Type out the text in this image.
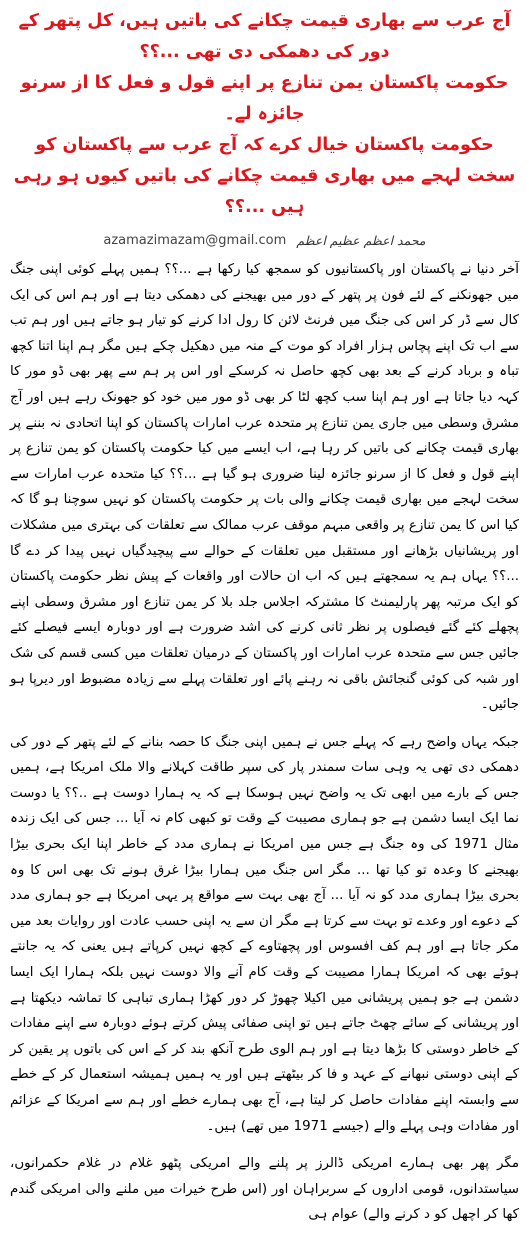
آج عرب سے بھاری قیمت چکانے کی باتیں ہیں، کل پتھر کے دور کی دھمکی دی تھی ...؟؟
حکومت پاکستان یمن تنازع پر اپنے قول و فعل کا از سرنو جائزہ لے۔
حکومت پاکستان خیال کرے کہ آج عرب سے پاکستان کو سخت لہجے میں بھاری قیمت چکانے کی باتیں کیوں ہو رہی ہیں ...؟؟
محمد اعظم عظیم اعظم
azamazimazam@gmail.com

آخر دنیا نے پاکستان اور پاکستانیوں کو سمجھ کیا رکھا ہے ...؟؟ ہمیں پہلے کوئی اپنی جنگ میں جھونکنے کے لئے فون پر پتھر کے دور میں بھیجنے کی دھمکی دیتا ہے اور ہم اس کی ایک کال سے ڈر کر اس کی جنگ میں فرنٹ لائن کا رول ادا کرنے کو تیار ہو جاتے ہیں اور ہم تب سے اب تک اپنے پچاس ہزار افراد کو موت کے منہ میں دھکیل چکے ہیں مگر ہم اپنا اتنا کچھ تباہ و برباد کرنے کے بعد بھی کچھ حاصل نہ کرسکے اور اس پر ہم سے پھر بھی ڈو مور کا کہہ دیا جاتا ہے اور ہم اپنا سب کچھ لٹا کر بھی ڈو مور میں خود کو جھونک رہے ہیں اور آج مشرق وسطی میں جاری یمن تنازع پر متحدہ عرب امارات پاکستان کو اپنا اتحادی نہ بننے پر بھاری قیمت چکانے کی باتیں کر رہا ہے، اب ایسے میں کیا حکومت پاکستان کو یمن تنازع پر اپنے قول و فعل کا از سرنو جائزہ لینا ضروری ہو گیا ہے ...؟؟ کیا متحدہ عرب امارات سے سخت لہجے میں بھاری قیمت چکانے والی بات پر حکومت پاکستان کو نہیں سوچنا ہو گا کہ کیا اس کا یمن تنازع پر واقعی مبہم موقف عرب ممالک سے تعلقات کی بہتری میں مشکلات اور پریشانیاں بڑھانے اور مستقبل میں تعلقات کے حوالے سے پیچیدگیاں نہیں پیدا کر دے گا ...؟؟ یہاں ہم یہ سمجھتے ہیں کہ اب ان حالات اور واقعات کے پیش نظر حکومت پاکستان کو ایک مرتبہ پھر پارلیمنٹ کا مشترکہ اجلاس جلد بلا کر یمن تنازع اور مشرق وسطی اپنے پچھلے کئے گئے فیصلوں پر نظر ثانی کرنے کی اشد ضرورت ہے اور دوبارہ ایسے فیصلے کئے جائیں جس سے متحدہ عرب امارات اور پاکستان کے درمیان تعلقات میں کسی قسم کی شک اور شبہ کی کوئی گنجائش باقی نہ رہنے پائے اور تعلقات پہلے سے زیادہ مضبوط اور دیرپا ہو جائیں۔

جبکہ یہاں واضح رہے کہ پہلے جس نے ہمیں اپنی جنگ کا حصہ بنانے کے لئے پتھر کے دور کی دھمکی دی تھی یہ وہی سات سمندر پار کی سپر طاقت کہلانے والا ملک امریکا ہے، ہمیں جس کے بارے میں ابھی تک یہ واضح نہیں ہوسکا ہے کہ یہ ہمارا دوست ہے ..؟؟ یا دوست نما ایک ایسا دشمن ہے جو ہماری مصیبت کے وقت تو کبھی کام نہ آیا ... جس کی ایک زندہ مثال 1971 کی وہ جنگ ہے جس میں امریکا نے ہماری مدد کے خاطر اپنا ایک بحری بیڑا بھیجنے کا وعدہ تو کیا تھا ... مگر اس جنگ میں ہمارا بیڑا غرق ہونے تک بھی اس کا وہ بحری بیڑا ہماری مدد کو نہ آیا ... آج بھی بہت سے مواقع پر یہی امریکا ہے جو ہماری مدد کے دعوے اور وعدے تو بہت سے کرتا ہے مگر ان سے یہ اپنی حسب عادت اور روایات بعد میں مکر جاتا ہے اور ہم کف افسوس اور پچھتاوے کے کچھ نہیں کرپاتے ہیں یعنی کہ یہ جانتے ہوئے بھی کہ امریکا ہمارا مصیبت کے وقت کام آنے والا دوست نہیں بلکہ ہمارا ایک ایسا دشمن ہے جو ہمیں پریشانی میں اکیلا چھوڑ کر دور کھڑا ہماری تباہی کا تماشہ دیکھتا ہے اور پریشانی کے سائے چھٹ جاتے ہیں تو اپنی صفائی پیش کرتے ہوئے دوبارہ سے اپنے مفادات کے خاطر دوستی کا بڑھا دیتا ہے اور ہم الوی طرح آنکھ بند کر کے اس کی باتوں پر یقین کر کے اپنی دوستی نبھانے کے عہد و فا کر بیٹھتے ہیں اور یہ ہمیں ہمیشہ استعمال کر کے خطے سے وابستہ اپنے مفادات حاصل کر لیتا ہے، آج بھی ہمارے خطے اور ہم سے امریکا کے عزائم اور مفادات وہی پہلے والے (جیسے 1971 میں تھے) ہیں۔

مگر پھر بھی ہمارے امریکی ڈالرز پر پلنے والے امریکی پٹھو غلام در غلام حکمرانوں، سیاستدانوں، قومی اداروں کے سربراہان اور (اس طرح خیرات میں ملنے والی امریکی گندم کھا کر اچھل کو د کرنے والے) عوام ہی
